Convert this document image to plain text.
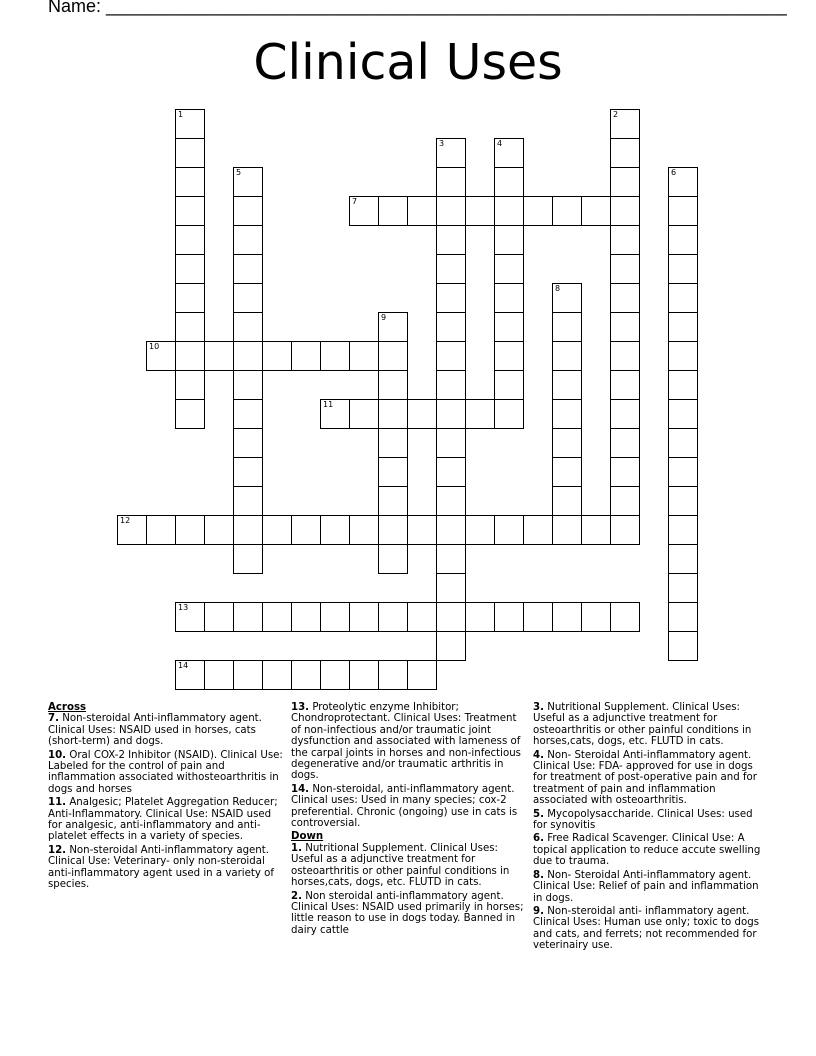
Name: ____________________________________________________________________
Clinical Uses
1	2
3	4
5	6
7
8
9
10
11
12
13
14

Across

7. Non-steroidal Anti-inflammatory agent. Clinical Uses: NSAID used in horses, cats (short-term) and dogs.
10. Oral COX-2 Inhibitor (NSAID). Clinical Use: Labeled for the control of pain and inflammation associated withosteoarthritis in dogs and horses
11. Analgesic; Platelet Aggregation Reducer; Anti-Inflammatory. Clinical Use: NSAID used for analgesic, anti-inflammatory and anti-platelet effects in a variety of species.
12. Non-steroidal Anti-inflammatory agent. Clinical Use: Veterinary- only non-steroidal anti-inflammatory agent used in a variety of species.
13. Proteolytic enzyme Inhibitor; Chondroprotectant. Clinical Uses: Treatment of non-infectious and/or traumatic joint dysfunction and associated with lameness of the carpal joints in horses and non-infectious degenerative and/or traumatic arthritis in dogs.
14. Non-steroidal, anti-inflammatory agent. Clinical uses: Used in many species; cox-2 preferential. Chronic (ongoing) use in cats is controversial.

Down

1. Nutritional Supplement. Clinical Uses: Useful as a adjunctive treatment for osteoarthritis or other painful conditions in horses,cats, dogs, etc. FLUTD in cats.
2. Non steroidal anti-inflammatory agent. Clinical Uses: NSAID used primarily in horses; little reason to use in dogs today. Banned in dairy cattle
3. Nutritional Supplement. Clinical Uses: Useful as a adjunctive treatment for osteoarthritis or other painful conditions in horses,cats, dogs, etc. FLUTD in cats.
4. Non- Steroidal Anti-inflammatory agent. Clinical Use: FDA- approved for use in dogs for treatment of post-operative pain and for treatment of pain and inflammation associated with osteoarthritis.
5. Mycopolysaccharide. Clinical Uses: used for synovitis
6. Free Radical Scavenger. Clinical Use: A topical application to reduce accute swelling due to trauma.
8. Non- Steroidal Anti-inflammatory agent. Clinical Use: Relief of pain and inflammation in dogs.
9. Non-steroidal anti- inflammatory agent. Clinical Uses: Human use only; toxic to dogs and cats, and ferrets; not recommended for veterinairy use.
